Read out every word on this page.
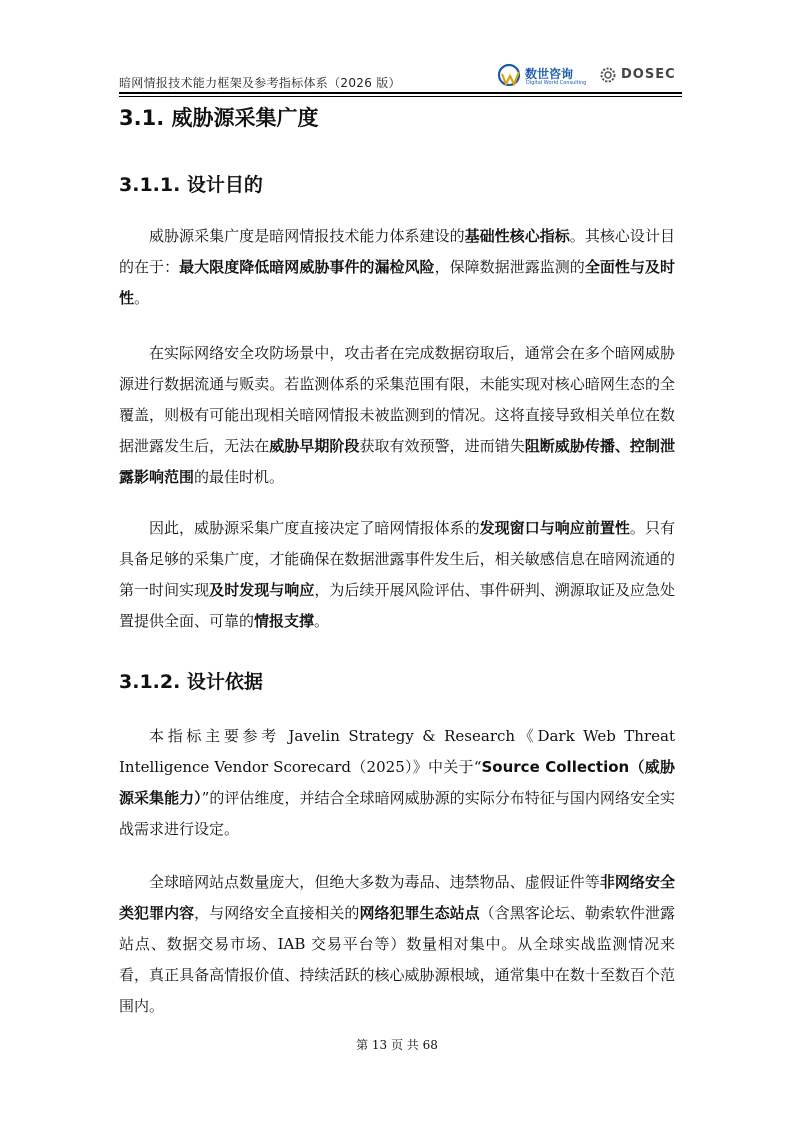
暗网情报技术能力框架及参考指标体系（2026 版）
数世咨询
Digital World Consulting
DOSEC
3.1. 威胁源采集广度
3.1.1. 设计目的

威胁源采集广度是暗网情报技术能力体系建设的基础性核心指标。其核心设计目的在于：最大限度降低暗网威胁事件的漏检风险，保障数据泄露监测的全面性与及时性。

在实际网络安全攻防场景中，攻击者在完成数据窃取后，通常会在多个暗网威胁源进行数据流通与贩卖。若监测体系的采集范围有限，未能实现对核心暗网生态的全覆盖，则极有可能出现相关暗网情报未被监测到的情况。这将直接导致相关单位在数据泄露发生后，无法在威胁早期阶段获取有效预警，进而错失阻断威胁传播、控制泄露影响范围的最佳时机。

因此，威胁源采集广度直接决定了暗网情报体系的发现窗口与响应前置性。只有具备足够的采集广度，才能确保在数据泄露事件发生后，相关敏感信息在暗网流通的第一时间实现及时发现与响应，为后续开展风险评估、事件研判、溯源取证及应急处置提供全面、可靠的情报支撑。

3.1.2. 设计依据

本指标主要参考 Javelin Strategy & Research《Dark Web Threat Intelligence Vendor Scorecard（2025）》中关于“Source Collection（威胁源采集能力）”的评估维度，并结合全球暗网威胁源的实际分布特征与国内网络安全实战需求进行设定。

全球暗网站点数量庞大，但绝大多数为毒品、违禁物品、虚假证件等非网络安全类犯罪内容，与网络安全直接相关的网络犯罪生态站点（含黑客论坛、勒索软件泄露站点、数据交易市场、IAB 交易平台等）数量相对集中。从全球实战监测情况来看，真正具备高情报价值、持续活跃的核心威胁源根域，通常集中在数十至数百个范围内。

第 13 页 共 68
